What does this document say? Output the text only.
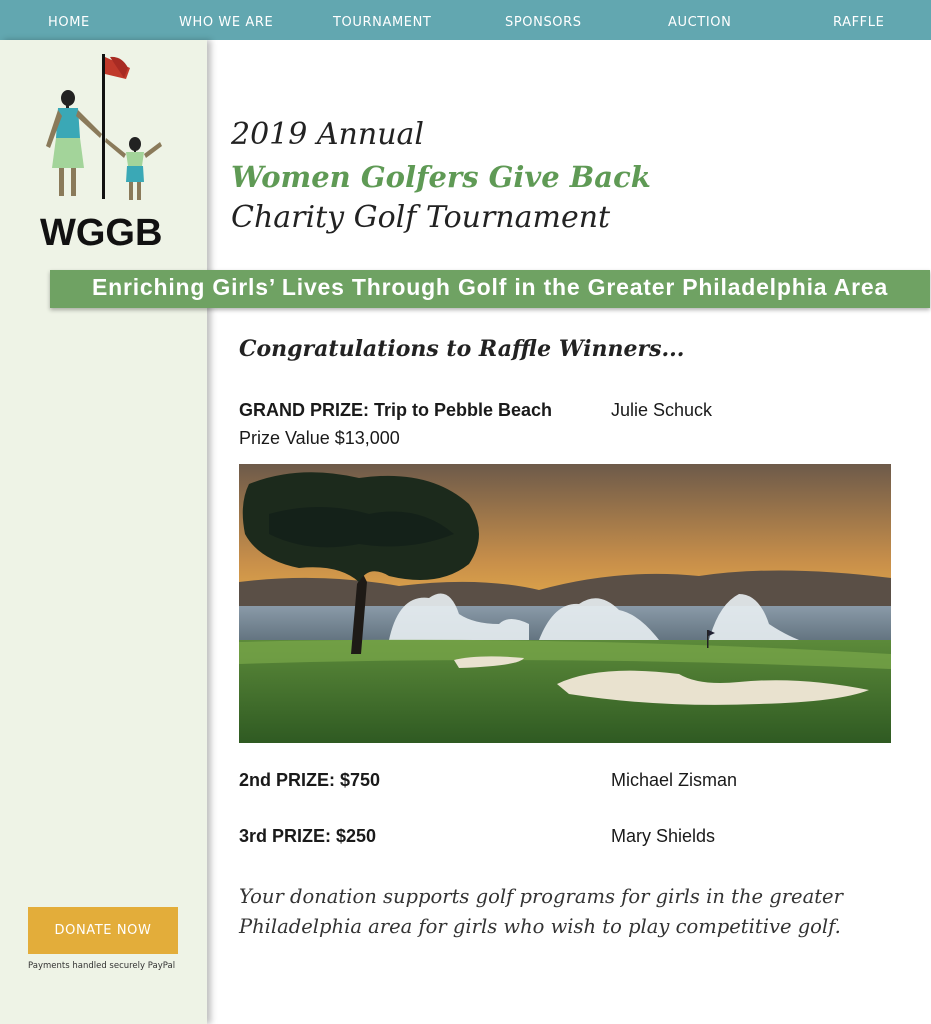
HOME	WHO WE ARE	TOURNAMENT	SPONSORS	AUCTION	RAFFLE
WGGB
DONATE NOW
Payments handled securely PayPal
2019 Annual
Women Golfers Give Back
Charity Golf Tournament
Enriching Girls’ Lives Through Golf in the Greater Philadelphia Area
Congratulations to Raffle Winners...
GRAND PRIZE: Trip to Pebble Beach	Julie Schuck
Prize Value $13,000
2nd PRIZE: $750	Michael Zisman
3rd PRIZE: $250	Mary Shields
Your donation supports golf programs for girls in the greater Philadelphia area for girls who wish to play competitive golf.
